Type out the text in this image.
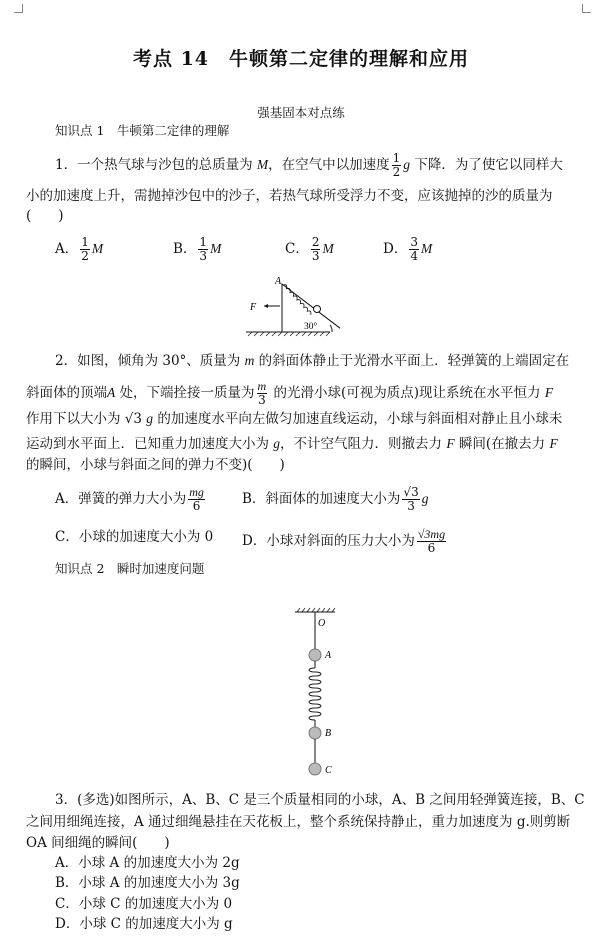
考点 14　牛顿第二定律的理解和应用
强基固本对点练
知识点 1　牛顿第二定律的理解
1．一个热气球与沙包的总质量为 M，在空气中以加速度 $\frac{1}{2}$ g 下降．为了使它以同样大
小的加速度上升，需抛掉沙包中的沙子，若热气球所受浮力不变，应该抛掉的沙的质量为
(　　)
A． $\frac{1}{2}$ M	B． $\frac{1}{3}$ M	C． $\frac{2}{3}$ M	D． $\frac{3}{4}$ M
A
F
30°
2．如图，倾角为 30°、质量为 m 的斜面体静止于光滑水平面上．轻弹簧的上端固定在
斜面体的顶端A 处，下端拴接一质量为 $\frac{m}{3}$ 的光滑小球(可视为质点)现让系统在水平恒力 F
作用下以大小为 √3 g 的加速度水平向左做匀加速直线运动，小球与斜面相对静止且小球未
运动到水平面上．已知重力加速度大小为 g，不计空气阻力．则撤去力 F 瞬间(在撤去力 F
的瞬间，小球与斜面之间的弹力不变)(　　)
A．弹簧的弹力大小为 $\frac{mg}{6}$	B．斜面体的加速度大小为 $\frac{√3}{3}$ g
C．小球的加速度大小为 0 D．小球对斜面的压力大小为 $\frac{√3mg}{6}$
知识点 2　瞬时加速度问题
O
A
B
C
3．(多选)如图所示，A、B、C 是三个质量相同的小球，A、B 之间用轻弹簧连接，B、C
之间用细绳连接，A 通过细绳悬挂在天花板上，整个系统保持静止，重力加速度为 g.则剪断
OA 间细绳的瞬间(　　)
A．小球 A 的加速度大小为 2g
B．小球 A 的加速度大小为 3g
C．小球 C 的加速度大小为 0
D．小球 C 的加速度大小为 g
